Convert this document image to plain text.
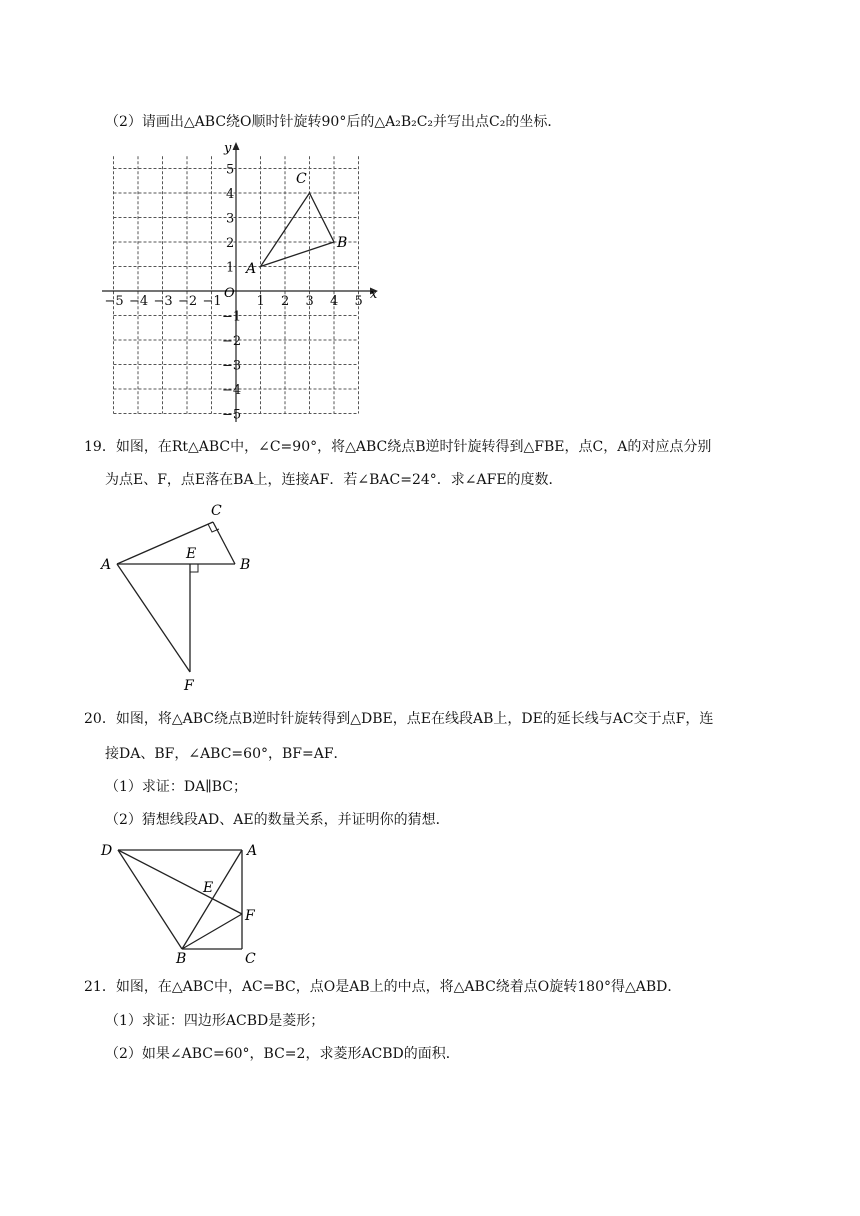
（2）请画出△ABC绕O顺时针旋转90°后的△A₂B₂C₂并写出点C₂的坐标．
−5 −4 −3 −2 −1	1 2 3 4 5
5
4
3
2
1
−1
−2
−3
−4
−5
O	x
y
A
B
C
19．如图，在Rt△ABC中，∠C=90°，将△ABC绕点B逆时针旋转得到△FBE，点C，A的对应点分别
为点E、F，点E落在BA上，连接AF．若∠BAC=24°．求∠AFE的度数．
A	B
C
E
F
20．如图，将△ABC绕点B逆时针旋转得到△DBE，点E在线段AB上，DE的延长线与AC交于点F，连
接DA、BF，∠ABC=60°，BF=AF．
（1）求证：DA∥BC；
（2）猜想线段AD、AE的数量关系，并证明你的猜想．
D	A
E
F
B	C
21．如图，在△ABC中，AC=BC，点O是AB上的中点，将△ABC绕着点O旋转180°得△ABD．
（1）求证：四边形ACBD是菱形；
（2）如果∠ABC=60°，BC=2，求菱形ACBD的面积．
